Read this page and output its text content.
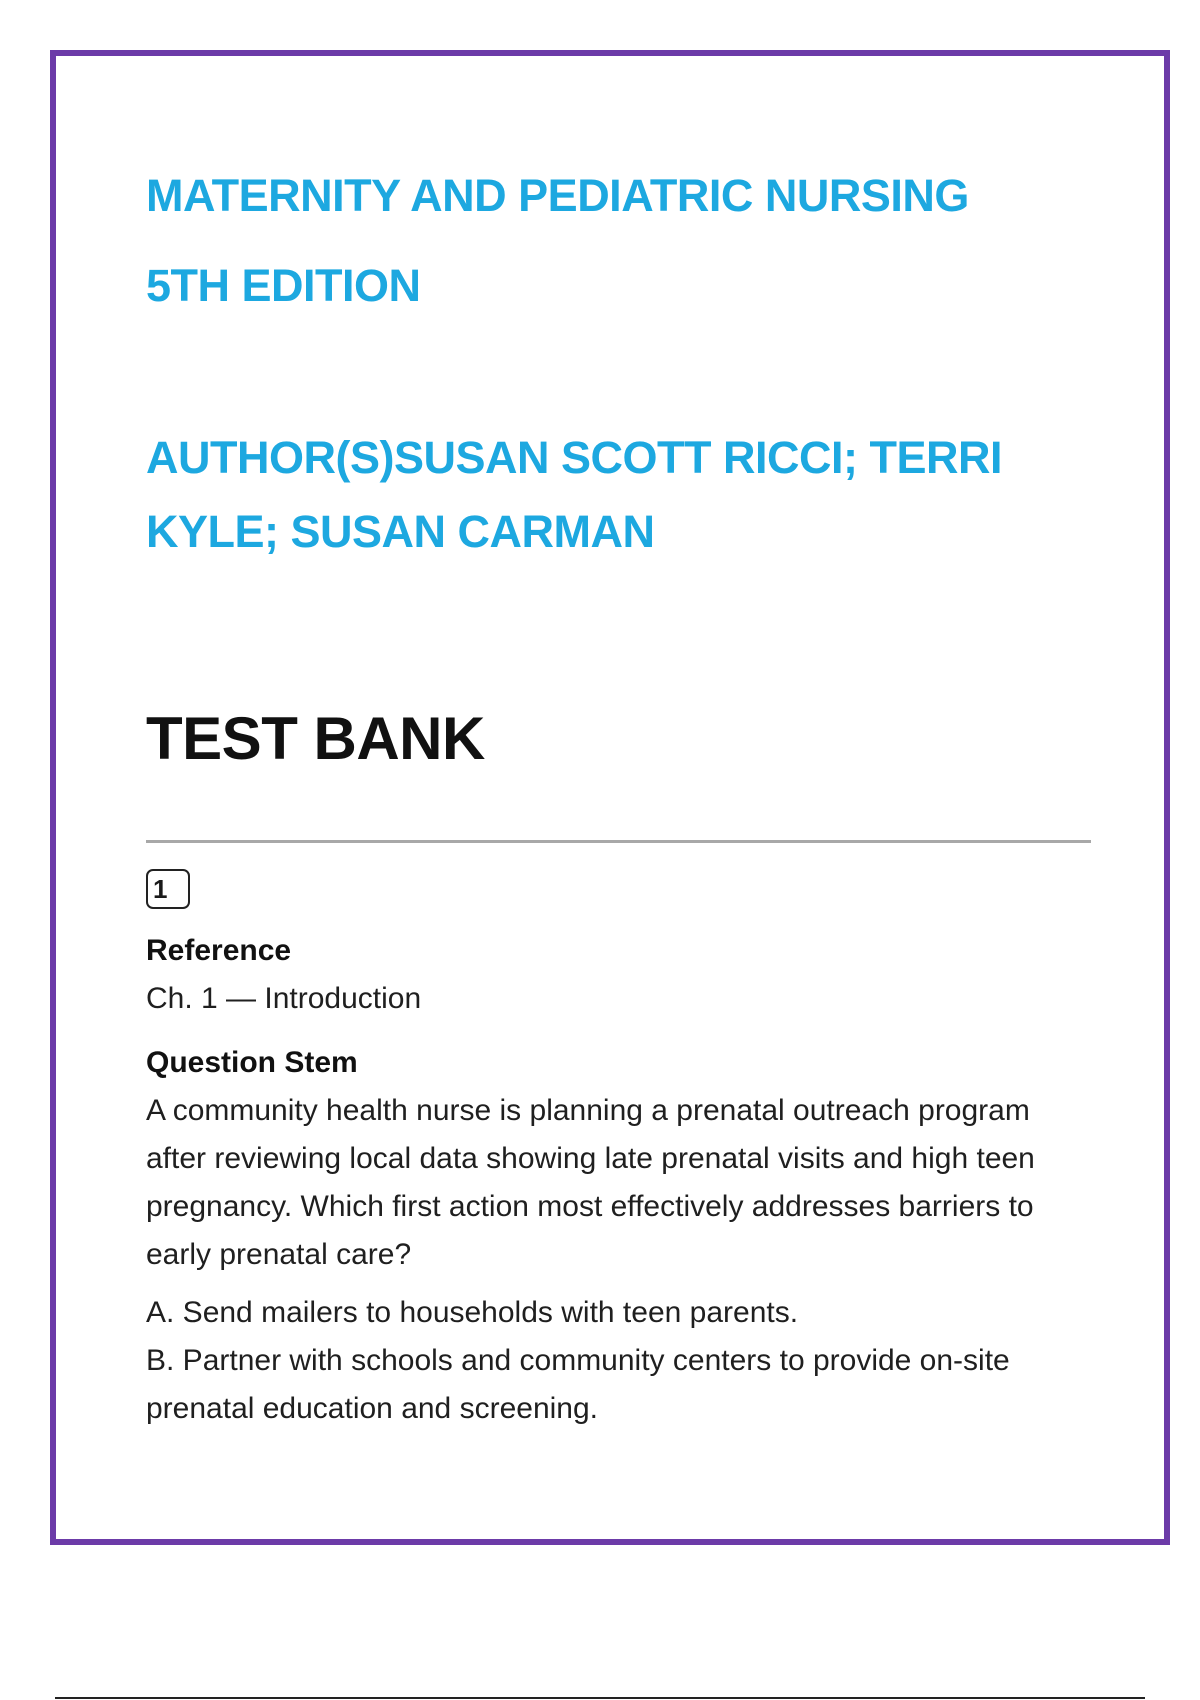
MATERNITY AND PEDIATRIC NURSING

5TH EDITION

AUTHOR(S)SUSAN SCOTT RICCI; TERRI KYLE; SUSAN CARMAN
TEST BANK
1

Reference

Ch. 1 — Introduction

Question Stem

A community health nurse is planning a prenatal outreach program after reviewing local data showing late prenatal visits and high teen pregnancy. Which first action most effectively addresses barriers to early prenatal care?

A. Send mailers to households with teen parents.

B. Partner with schools and community centers to provide on-site prenatal education and screening.
